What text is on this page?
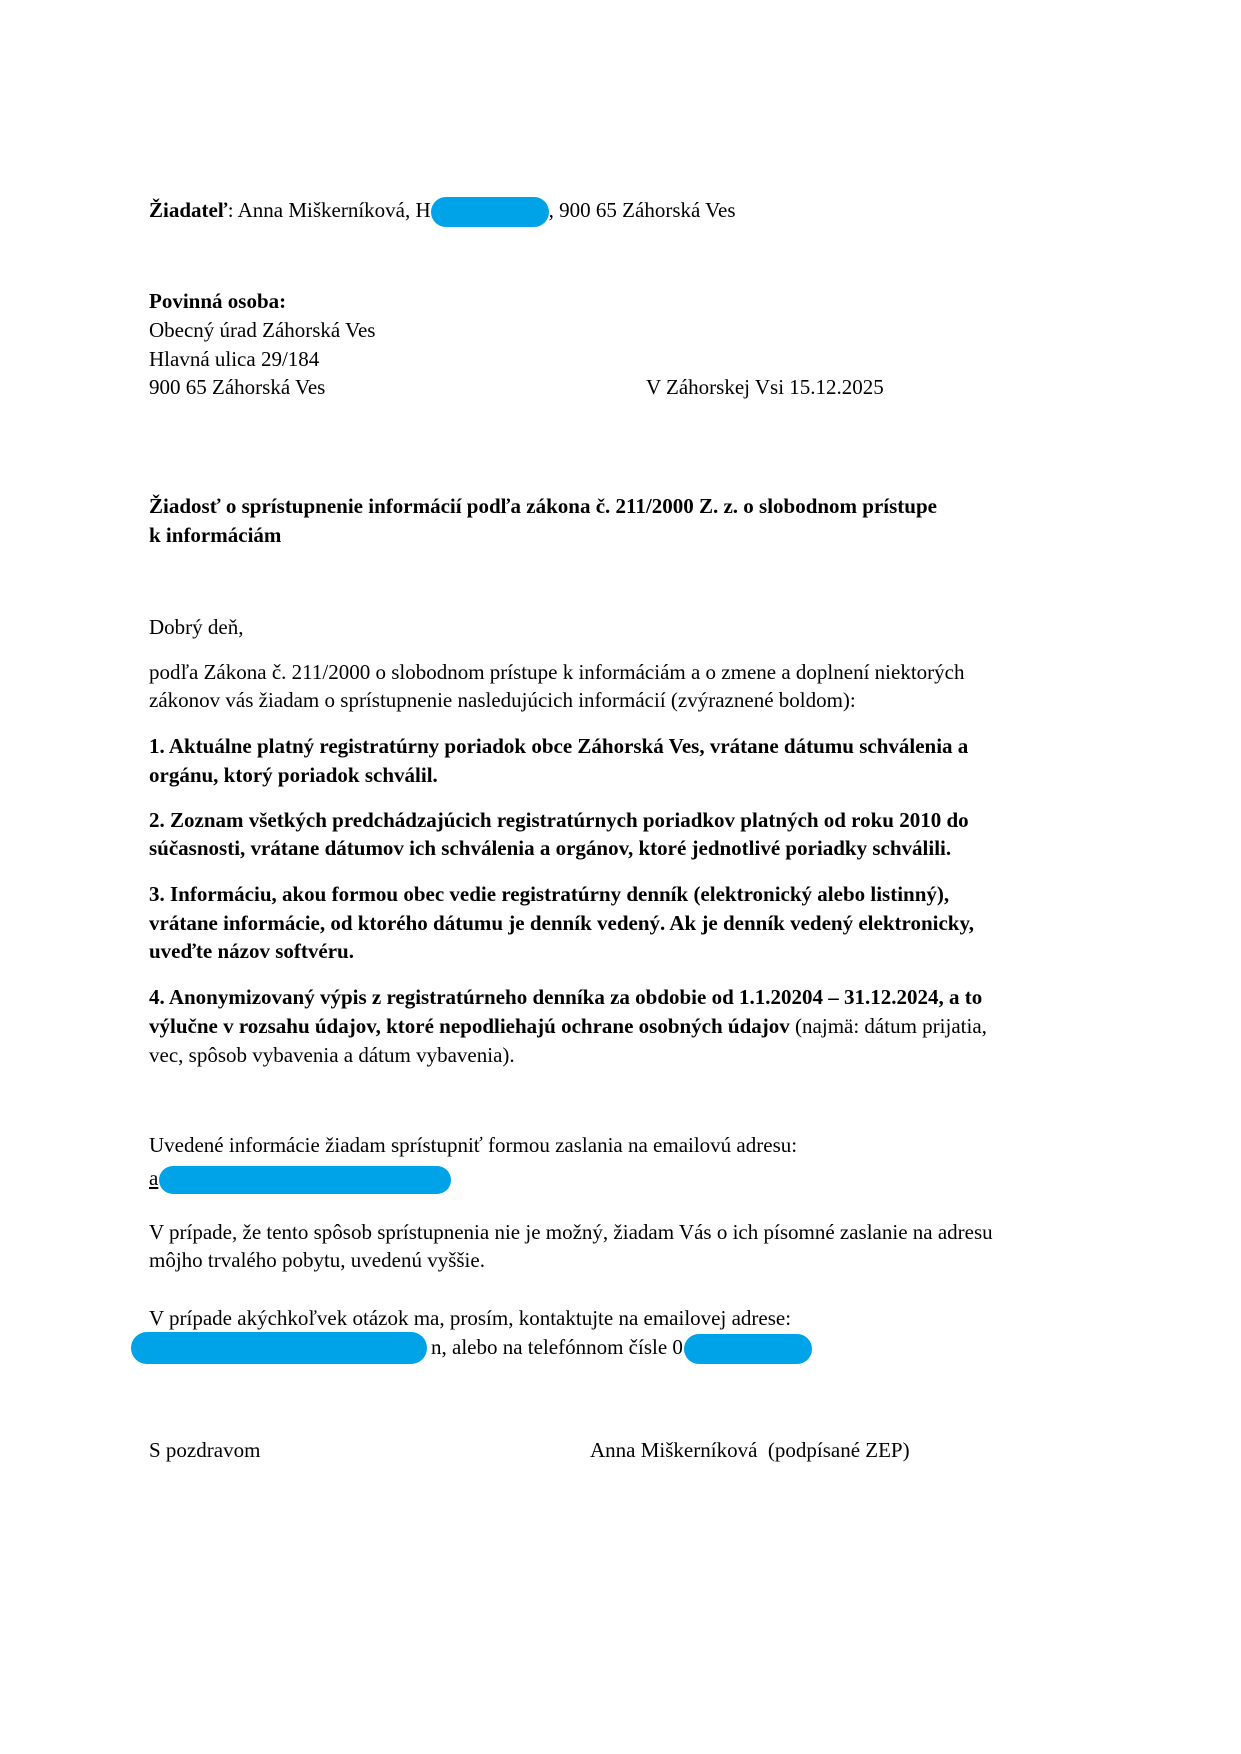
Žiadateľ: Anna Miškerníková, H	, 900 65 Záhorská Ves
Povinná osoba:
Obecný úrad Záhorská Ves
Hlavná ulica 29/184
900 65 Záhorská Ves	V Záhorskej Vsi 15.12.2025
Žiadosť o sprístupnenie informácií podľa zákona č. 211/2000 Z. z. o slobodnom prístupe
k informáciám
Dobrý deň,
podľa Zákona č. 211/2000 o slobodnom prístupe k informáciám a o zmene a doplnení niektorých
zákonov vás žiadam o sprístupnenie nasledujúcich informácií (zvýraznené boldom):
1. Aktuálne platný registratúrny poriadok obce Záhorská Ves, vrátane dátumu schválenia a
orgánu, ktorý poriadok schválil.
2. Zoznam všetkých predchádzajúcich registratúrnych poriadkov platných od roku 2010 do
súčasnosti, vrátane dátumov ich schválenia a orgánov, ktoré jednotlivé poriadky schválili.
3. Informáciu, akou formou obec vedie registratúrny denník (elektronický alebo listinný),
vrátane informácie, od ktorého dátumu je denník vedený. Ak je denník vedený elektronicky,
uveďte názov softvéru.
4. Anonymizovaný výpis z registratúrneho denníka za obdobie od 1.1.20204 – 31.12.2024, a to
výlučne v rozsahu údajov, ktoré nepodliehajú ochrane osobných údajov (najmä: dátum prijatia,
vec, spôsob vybavenia a dátum vybavenia).
Uvedené informácie žiadam sprístupniť formou zaslania na emailovú adresu:
a
V prípade, že tento spôsob sprístupnenia nie je možný, žiadam Vás o ich písomné zaslanie na adresu
môjho trvalého pobytu, uvedenú vyššie.
V prípade akýchkoľvek otázok ma, prosím, kontaktujte na emailovej adrese:
n, alebo na telefónnom čísle 0
S pozdravom	Anna Miškerníková  (podpísané ZEP)
